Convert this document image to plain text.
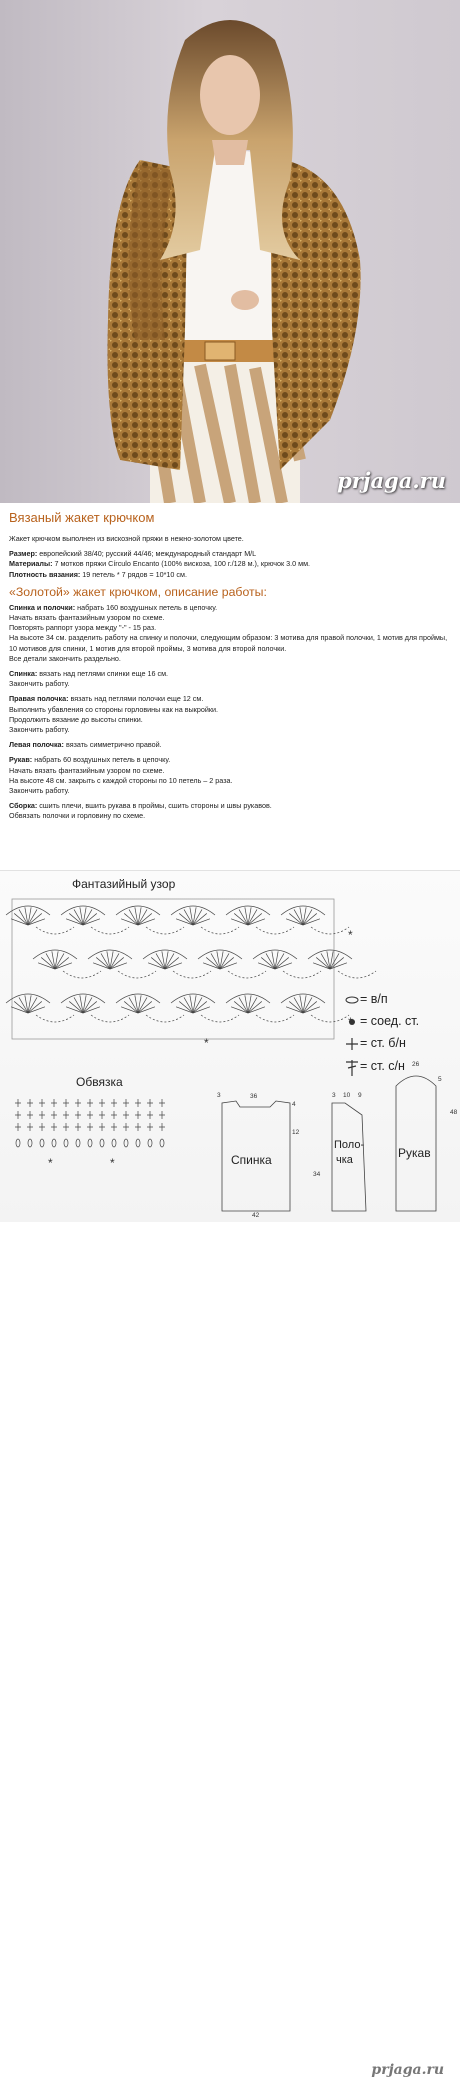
prjaga.ru
Вязаный жакет крючком

Жакет крючком выполнен из вискозной пряжи в нежно-золотом цвете.

Размер: европейский 38/40; русский 44/46; международный стандарт M/L

Материалы: 7 мотков пряжи Círculo Encanto (100% вискоза, 100 г./128 м.), крючок 3.0 мм.

Плотность вязания: 19 петель * 7 рядов = 10*10 см.

«Золотой» жакет крючком, описание работы:

Спинка и полочки: набрать 160 воздушных петель в цепочку.

Начать вязать фантазийным узором по схеме.

Повторять раппорт узора между "-" - 15 раз.

На высоте 34 см. разделить работу на спинку и полочки, следующим образом: 3 мотива для правой полочки, 1 мотив для проймы, 10 мотивов для спинки, 1 мотив для второй проймы, 3 мотива для второй полочки.

Все детали закончить раздельно.

Спинка: вязать над петлями спинки еще 16 см.

Закончить работу.

Правая полочка: вязать над петлями полочки еще 12 см.

Выполнить убавления со стороны горловины как на выкройки.

Продолжить вязание до высоты спинки.

Закончить работу.

Левая полочка: вязать симметрично правой.

Рукав: набрать 60 воздушных петель в цепочку.

Начать вязать фантазийным узором по схеме.

На высоте 48 см. закрыть с каждой стороны по 10 петель – 2 раза.

Закончить работу.

Сборка: сшить плечи, вшить рукава в проймы, сшить стороны и швы рукавов.

Обвязать полочки и горловину по схеме.

*	*
*
*
Фантазийный узор
Обвязка
= в/п
= соед. ст.
= ст. б/н
= ст. с/н
Спинка
Поло-
чка	Рукав
36
3
4
12
34
42
3 10 9
26
5
48
prjaga.ru
